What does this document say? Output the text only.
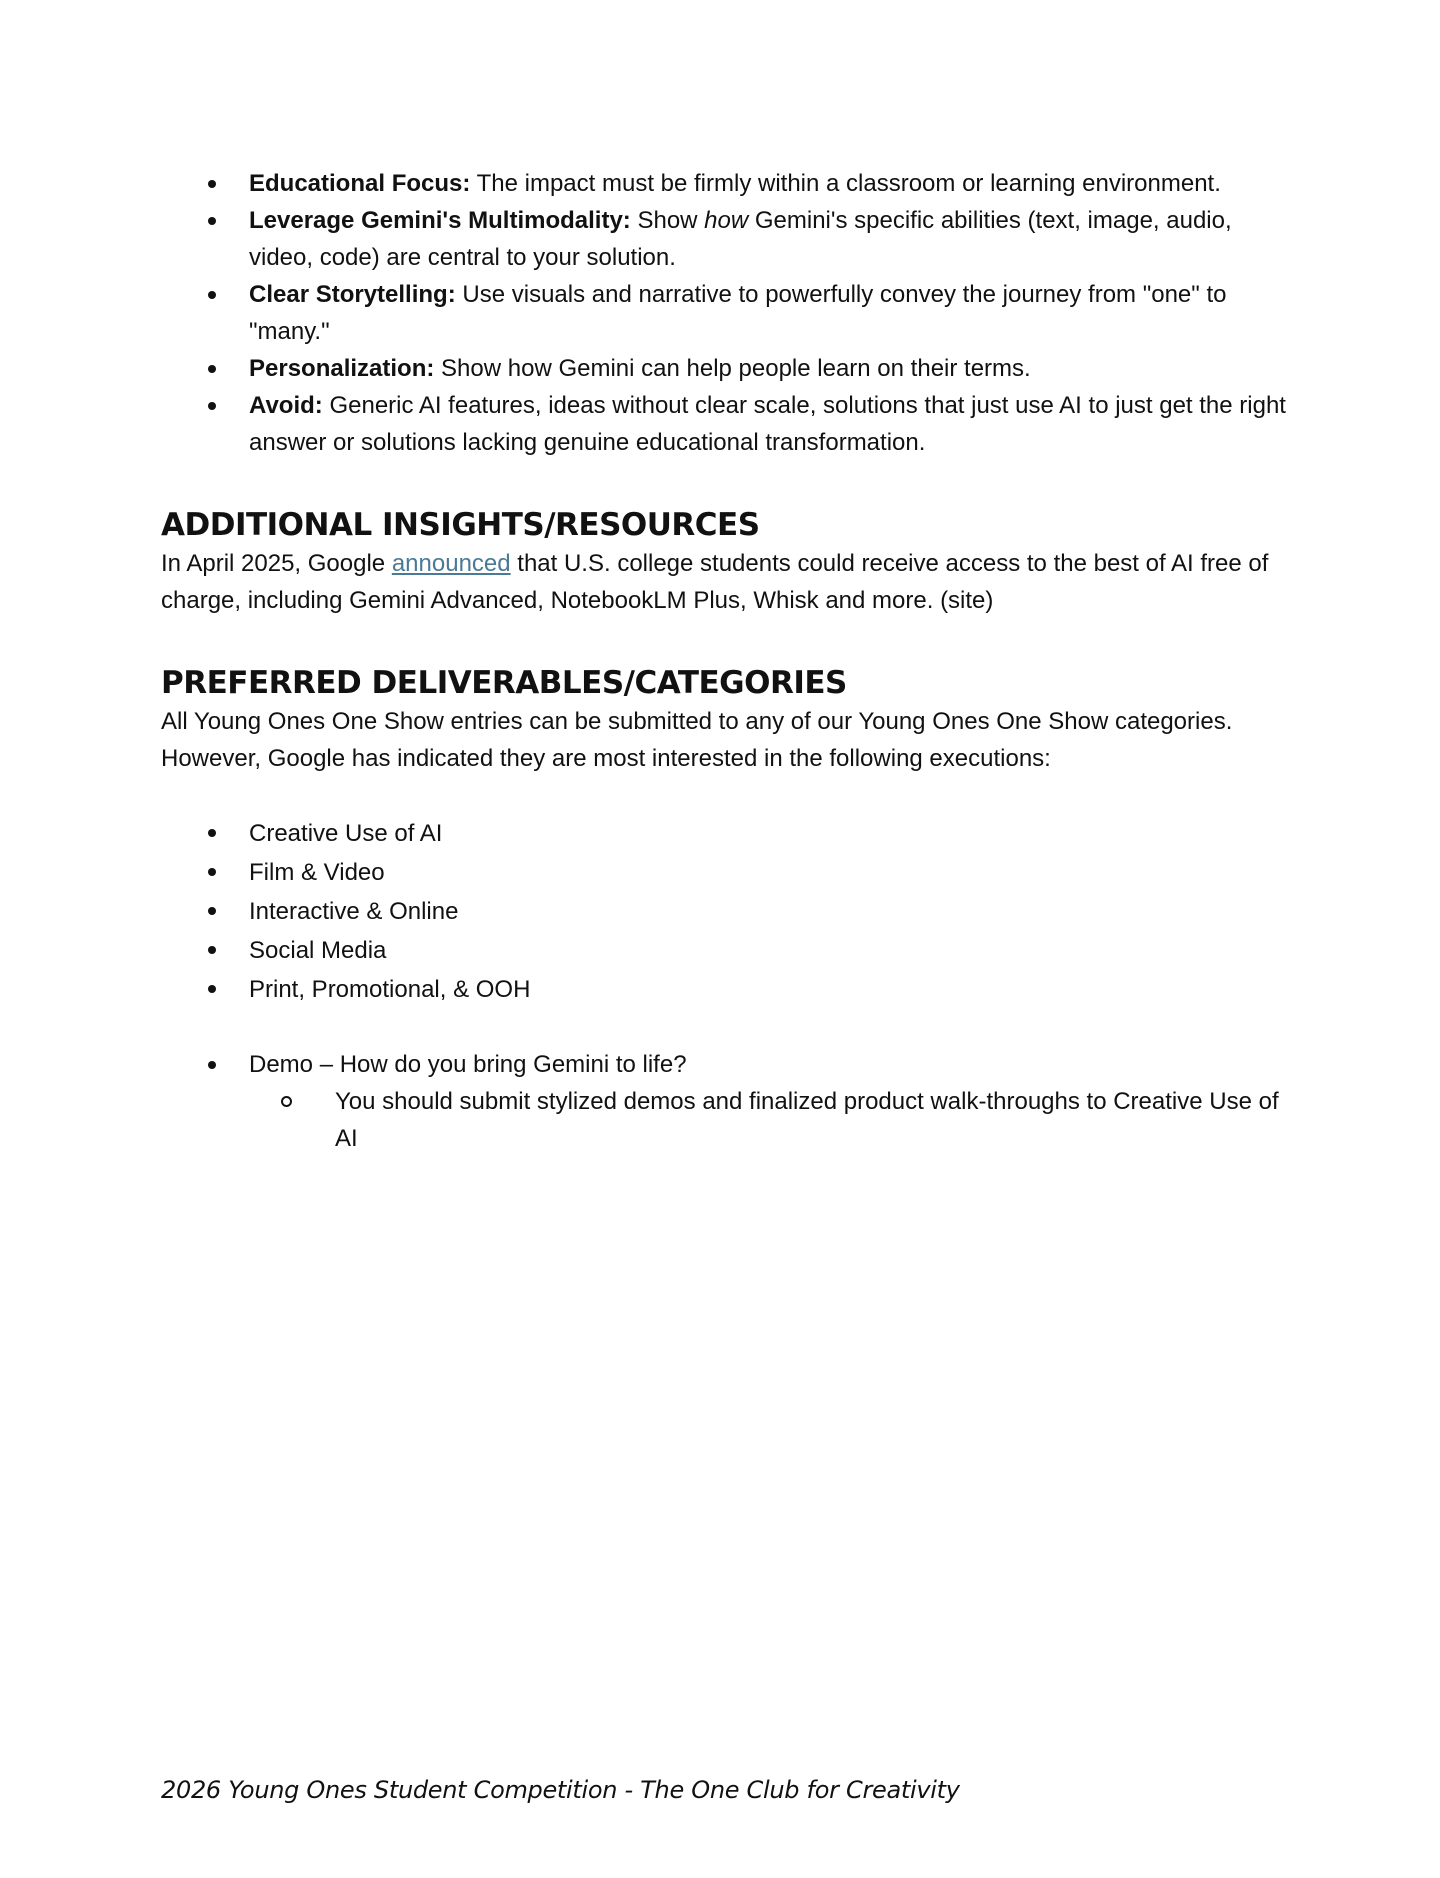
Educational Focus: The impact must be firmly within a classroom or learning environment.
Leverage Gemini's Multimodality: Show how Gemini's specific abilities (text, image, audio, video, code) are central to your solution.
Clear Storytelling: Use visuals and narrative to powerfully convey the journey from "one" to "many."
Personalization: Show how Gemini can help people learn on their terms.
Avoid: Generic AI features, ideas without clear scale, solutions that just use AI to just get the right answer or solutions lacking genuine educational transformation.
ADDITIONAL INSIGHTS/RESOURCES

In April 2025, Google announced that U.S. college students could receive access to the best of AI free of charge, including Gemini Advanced, NotebookLM Plus, Whisk and more. (site)

PREFERRED DELIVERABLES/CATEGORIES

All Young Ones One Show entries can be submitted to any of our Young Ones One Show categories. However, Google has indicated they are most interested in the following executions:

Creative Use of AI
Film & Video
Interactive & Online
Social Media
Print, Promotional, & OOH
Demo – How do you bring Gemini to life?
You should submit stylized demos and finalized product walk-throughs to Creative Use of AI
2026 Young Ones Student Competition - The One Club for Creativity
